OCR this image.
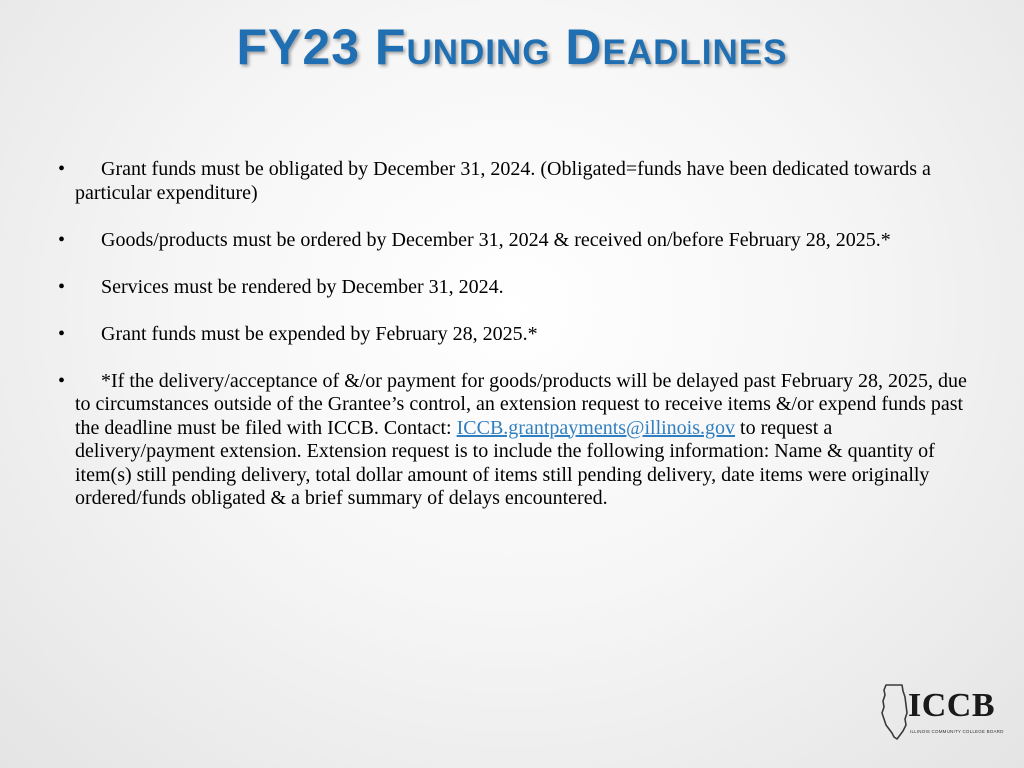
FY23 Funding Deadlines
•	Grant funds must be obligated by December 31, 2024. (Obligated=funds have been dedicated towards a particular expenditure)
•	Goods/products must be ordered by December 31, 2024 & received on/before February 28, 2025.*
•	Services must be rendered by December 31, 2024.
•	Grant funds must be expended by February 28, 2025.*
•	*If the delivery/acceptance of &/or payment for goods/products will be delayed past February 28, 2025, due to circumstances outside of the Grantee’s control, an extension request to receive items &/or expend funds past the deadline must be filed with ICCB. Contact: ICCB.grantpayments@illinois.gov to request a delivery/payment extension. Extension request is to include the following information: Name & quantity of item(s) still pending delivery, total dollar amount of items still pending delivery, date items were originally ordered/funds obligated & a brief summary of delays encountered.
ICCB
ILLINOIS COMMUNITY COLLEGE BOARD
